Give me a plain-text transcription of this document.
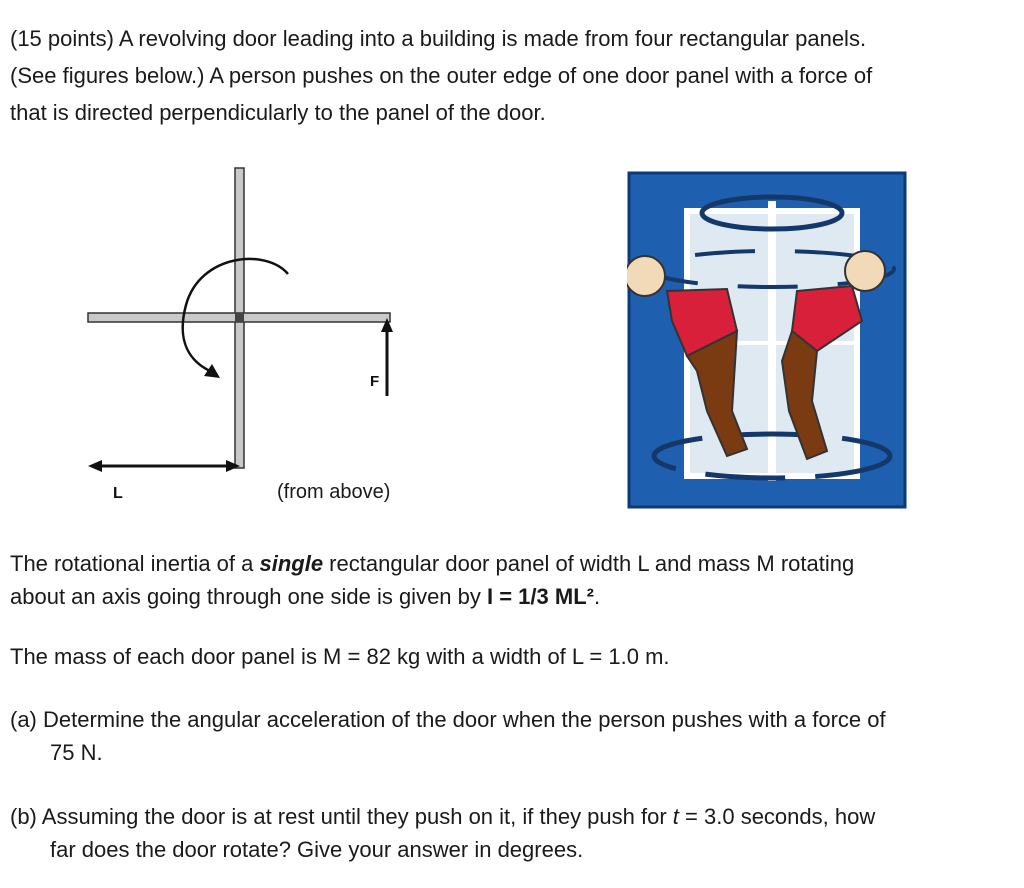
(15 points) A revolving door leading into a building is made from four rectangular panels.
(See figures below.) A person pushes on the outer edge of one door panel with a force of
that is directed perpendicularly to the panel of the door.

F
L	(from above)

The rotational inertia of a single rectangular door panel of width L and mass M rotating
about an axis going through one side is given by I = 1/3 ML².

The mass of each door panel is M = 82 kg with a width of L = 1.0 m.

(a) Determine the angular acceleration of the door when the person pushes with a force of
75 N.

(b) Assuming the door is at rest until they push on it, if they push for t = 3.0 seconds, how
far does the door rotate? Give your answer in degrees.
